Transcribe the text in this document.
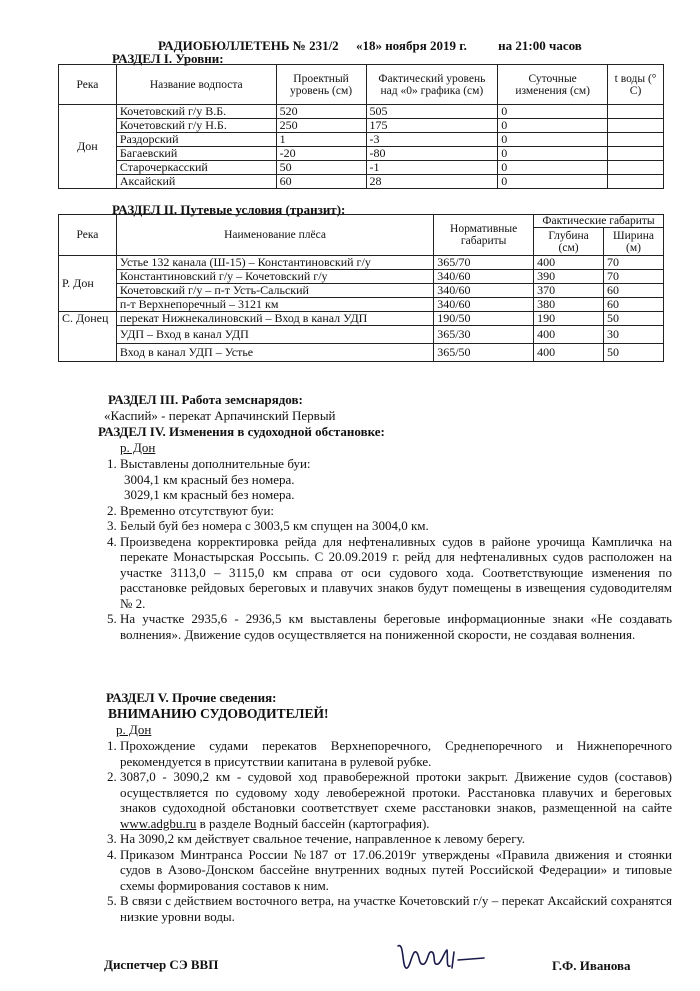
РАДИОБЮЛЛЕТЕНЬ № 231/2 «18» ноября 2019 г. на 21:00 часов
РАЗДЕЛ I. Уровни:
Река	Название водпоста	Проектный уровень (см)	Фактический уровень над «0» графика (см)	Суточные изменения (см)	t воды (° C)
Дон	Кочетовский г/у В.Б.	520	505	0	
	Кочетовский г/у Н.Б.	250	175	0	
	Раздорский	1	-3	0	
	Багаевский	-20	-80	0	
	Старочеркасский	50	-1	0	
	Аксайский	60	28	0	
РАЗДЕЛ II. Путевые условия (транзит):
Река	Наименование плёса	Нормативные габариты	Фактические габариты	
			Глубина (см)	Ширина (м)
Р. Дон	Устье 132 канала (Ш-15) – Константиновский г/у	365/70	400	70
	Константиновский г/у – Кочетовский г/у	340/60	390	70
	Кочетовский г/у – п-т Усть-Сальский	340/60	370	60
	п-т Верхнепоречный – 3121 км	340/60	380	60
С. Донец	перекат Нижнекалиновский – Вход в канал УДП	190/50	190	50
	УДП – Вход в канал УДП	365/30	400	30
	Вход в канал УДП – Устье	365/50	400	50
РАЗДЕЛ III. Работа земснарядов:
«Каспий» - перекат Арпачинский Первый
РАЗДЕЛ IV. Изменения в судоходной обстановке:
р. Дон
1. Выставлены дополнительные буи:
3004,1 км красный без номера.
3029,1 км красный без номера.
2. Временно отсутствуют буи:
3. Белый буй без номера с 3003,5 км спущен на 3004,0 км.
4. Произведена корректировка рейда для нефтеналивных судов в районе урочища Кампличка на перекате Монастырская Россыпь. С 20.09.2019 г. рейд для нефтеналивных судов расположен на участке 3113,0 – 3115,0 км справа от оси судового хода. Соответствующие изменения по расстановке рейдовых береговых и плавучих знаков будут помещены в извещения судоводителям № 2.
5. На участке 2935,6 - 2936,5 км выставлены береговые информационные знаки «Не создавать волнения». Движение судов осуществляется на пониженной скорости, не создавая волнения.
РАЗДЕЛ V. Прочие сведения:
ВНИМАНИЮ СУДОВОДИТЕЛЕЙ!
р. Дон
1. Прохождение судами перекатов Верхнепоречного, Среднепоречного и Нижнепоречного рекомендуется в присутствии капитана в рулевой рубке.
2. 3087,0 - 3090,2 км - судовой ход правобережной протоки закрыт. Движение судов (составов) осуществляется по судовому ходу левобережной протоки. Расстановка плавучих и береговых знаков судоходной обстановки соответствует схеме расстановки знаков, размещенной на сайте www.adgbu.ru в разделе Водный бассейн (картография).
3. На 3090,2 км действует свальное течение, направленное к левому берегу.
4. Приказом Минтранса России №187 от 17.06.2019г утверждены «Правила движения и стоянки судов в Азово-Донском бассейне внутренних водных путей Российской Федерации» и типовые схемы формирования составов к ним.
5. В связи с действием восточного ветра, на участке Кочетовский г/у – перекат Аксайский сохранятся низкие уровни воды.
Диспетчер СЭ ВВП	Г.Ф. Иванова
